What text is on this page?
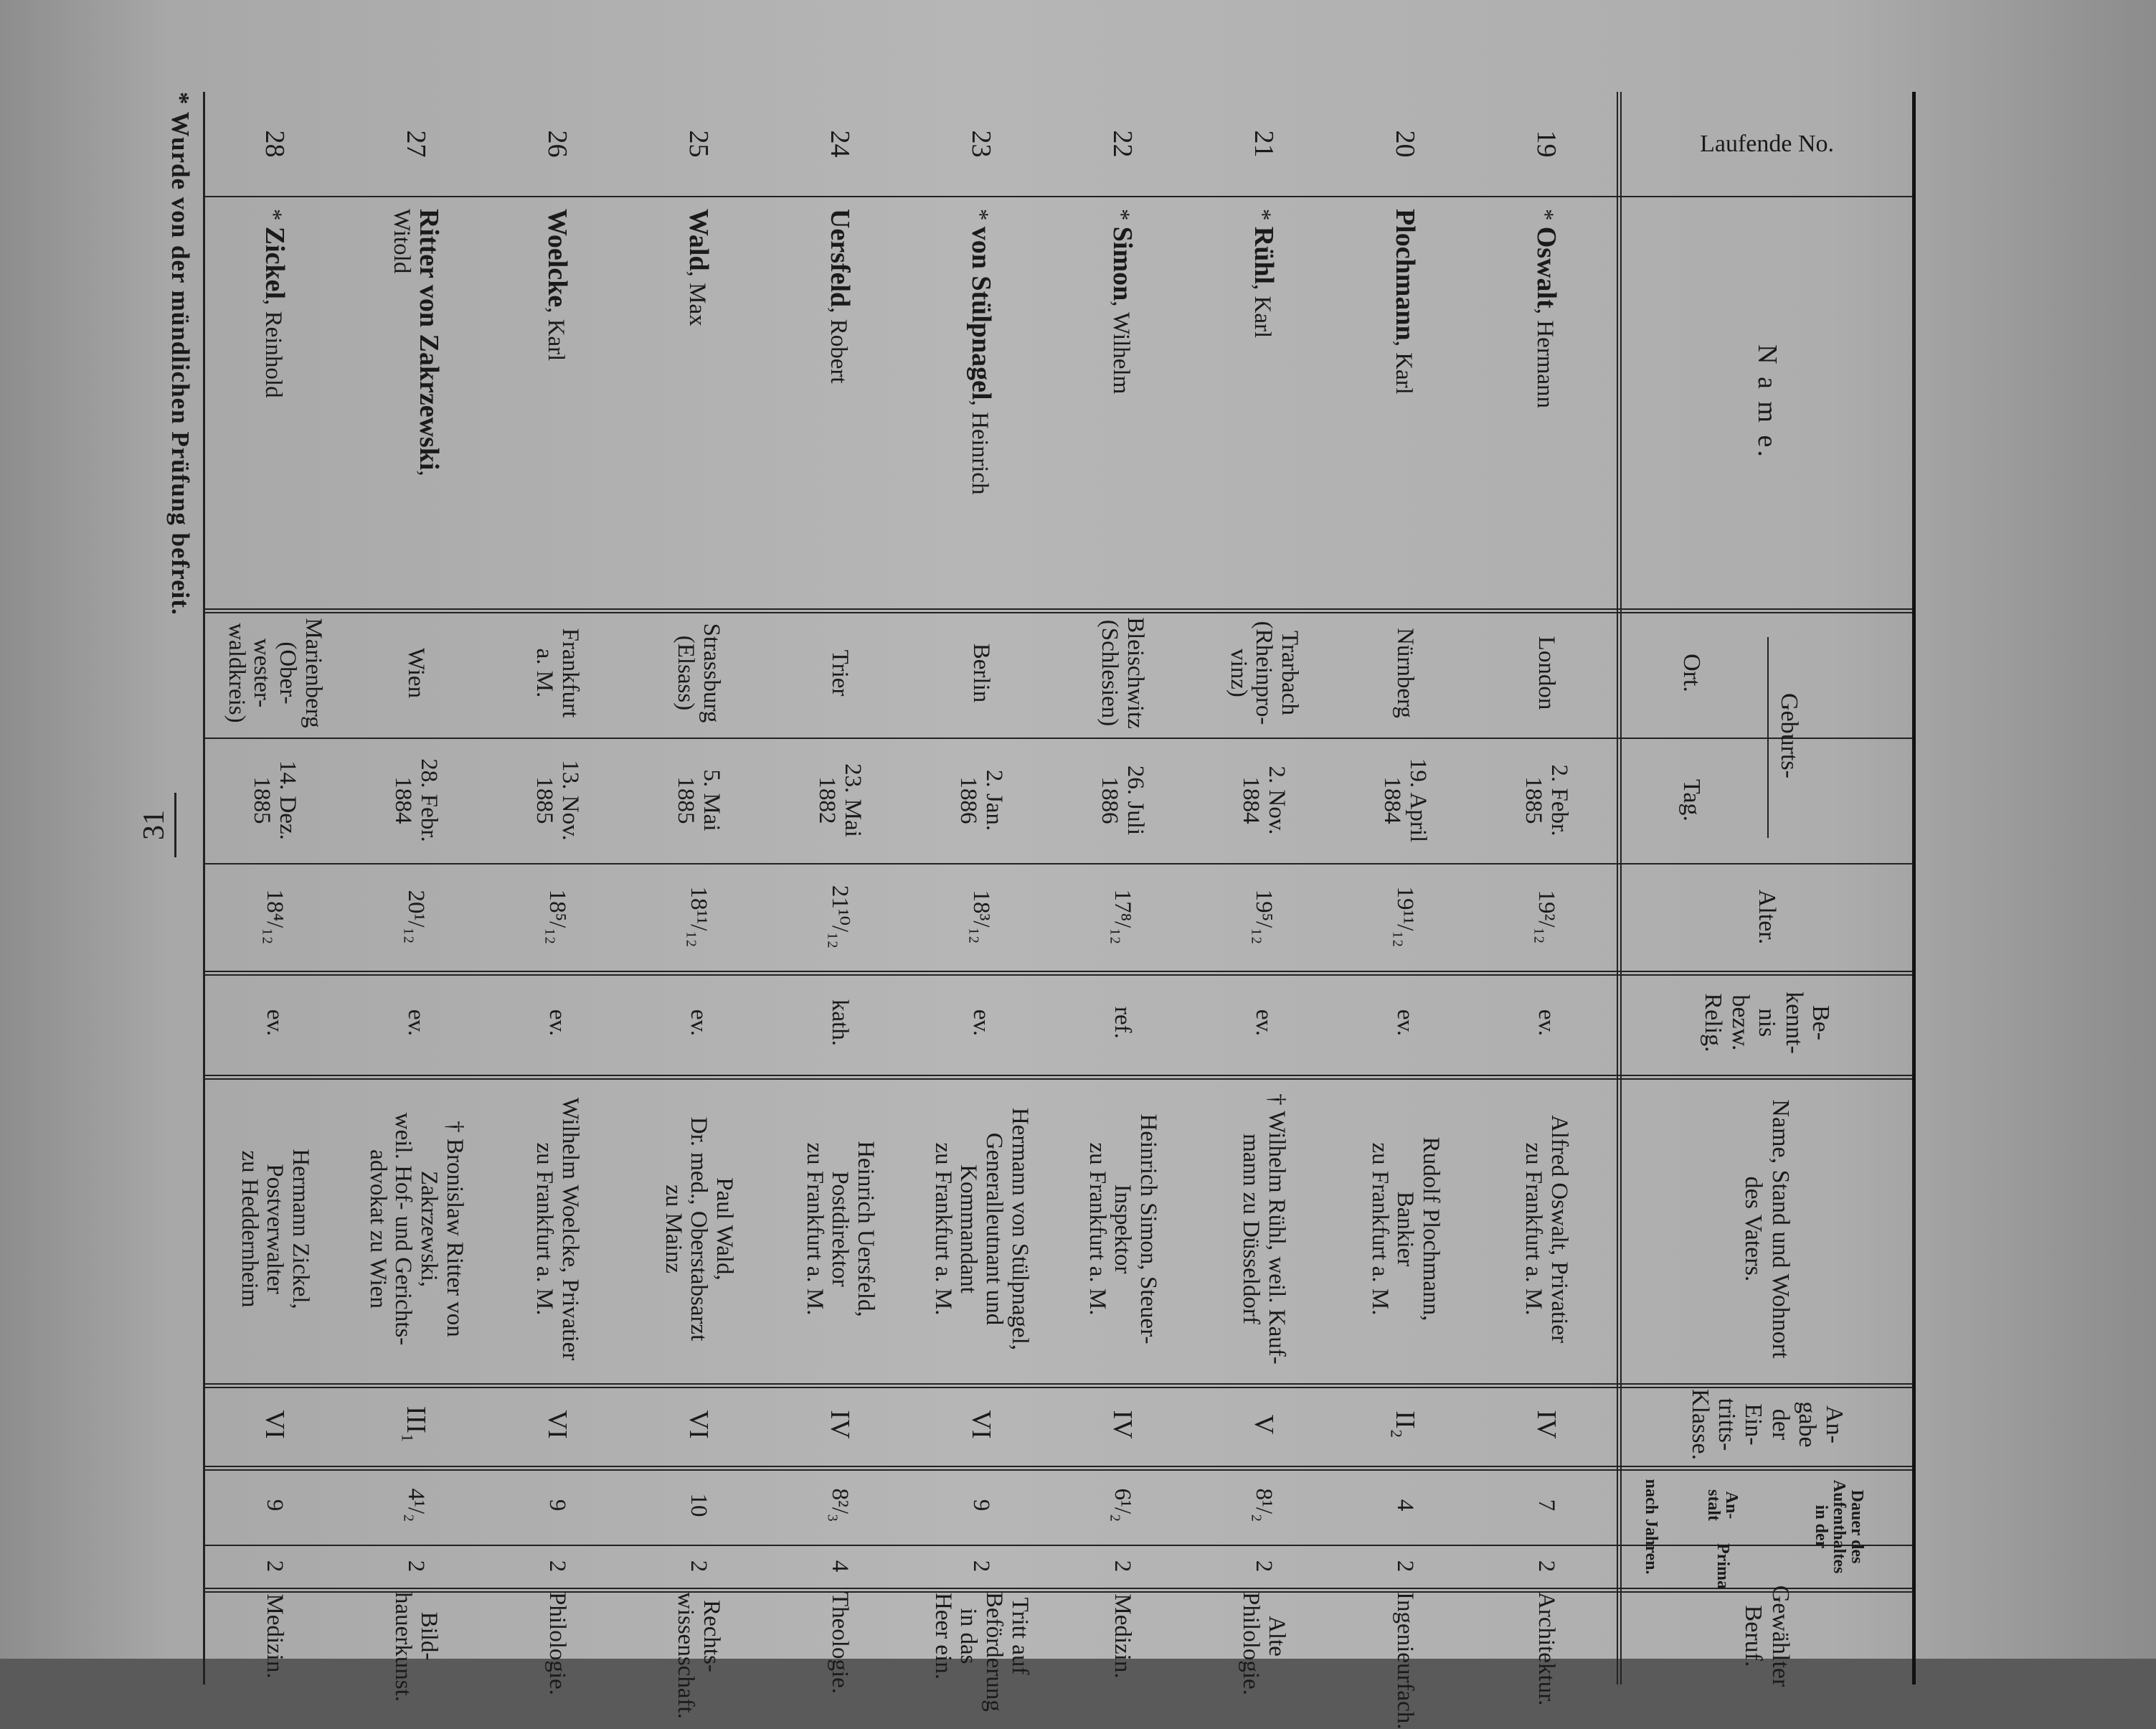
31
Laufende No.
N a m e.
Geburts-
Ort.
Tag.
Alter.
Be-
kennt-
nis
bezw.
Relig.
Name, Stand und Wohnort
des Vaters.
An-
gabe
der
Ein-
tritts-
Klasse.
Dauer des
Aufenthaltes
in der
An-
stalt
Prima
nach Jahren.
Gewählter
Beruf.
19
* Oswalt, Hermann
London
2. Febr.
1885
19²/₁₂
ev.
Alfred Oswalt, Privatier
zu Frankfurt a. M.
IV
7
2
Architektur.
20
Plochmann, Karl
Nürnberg
19. April
1884
19¹¹/₁₂
ev.
Rudolf Plochmann,
Bankier
zu Frankfurt a. M.
II₂
4
2
Ingenieurfach.
21
* Rühl, Karl
Trarbach
(Rheinpro-
vinz)
2. Nov.
1884
19⁵/₁₂
ev.
† Wilhelm Rühl, weil. Kauf-
mann zu Düsseldorf
V
8¹/₂
2
Alte Philologie.
22
* Simon, Wilhelm
Bleischwitz
(Schlesien)
26. Juli
1886
17⁸/₁₂
ref.
Heinrich Simon, Steuer-
Inspektor
zu Frankfurt a. M.
IV
6¹/₂
2
Medizin.
23
* von Stülpnagel, Heinrich
Berlin
2. Jan.
1886
18³/₁₂
ev.
Hermann von Stülpnagel,
Generalleutnant und
Kommandant
zu Frankfurt a. M.
VI
9
2
Tritt auf
Beförderung
in das
Heer ein.
24
Uersfeld, Robert
Trier
23. Mai
1882
21¹⁰/₁₂
kath.
Heinrich Uersfeld,
Postdirektor
zu Frankfurt a. M.
IV
8²/₃
4
Theologie.
25
Wald, Max
Strassburg
(Elsass)
5. Mai
1885
18¹¹/₁₂
ev.
Paul Wald,
Dr. med., Oberstabsarzt
zu Mainz
VI
10
2
Rechts-
wissenschaft.
26
Woelcke, Karl
Frankfurt
a. M.
13. Nov.
1885
18⁵/₁₂
ev.
Wilhelm Woelcke, Privatier
zu Frankfurt a. M.
VI
9
2
Philologie.
27
Ritter von Zakrzewski,
Witold
Wien
28. Febr.
1884
20¹/₁₂
ev.
† Bronislaw Ritter von
Zakrzewski,
weil. Hof- und Gerichts-
advokat zu Wien
III₁
4¹/₂
2
Bild-
hauerkunst.
28
* Zickel, Reinhold
Marienberg
(Ober-
wester-
waldkreis)
14. Dez.
1885
18⁴/₁₂
ev.
Hermann Zickel,
Postverwalter
zu Heddernheim
VI
9
2
Medizin.
* Wurde von der mündlichen Prüfung befreit.
